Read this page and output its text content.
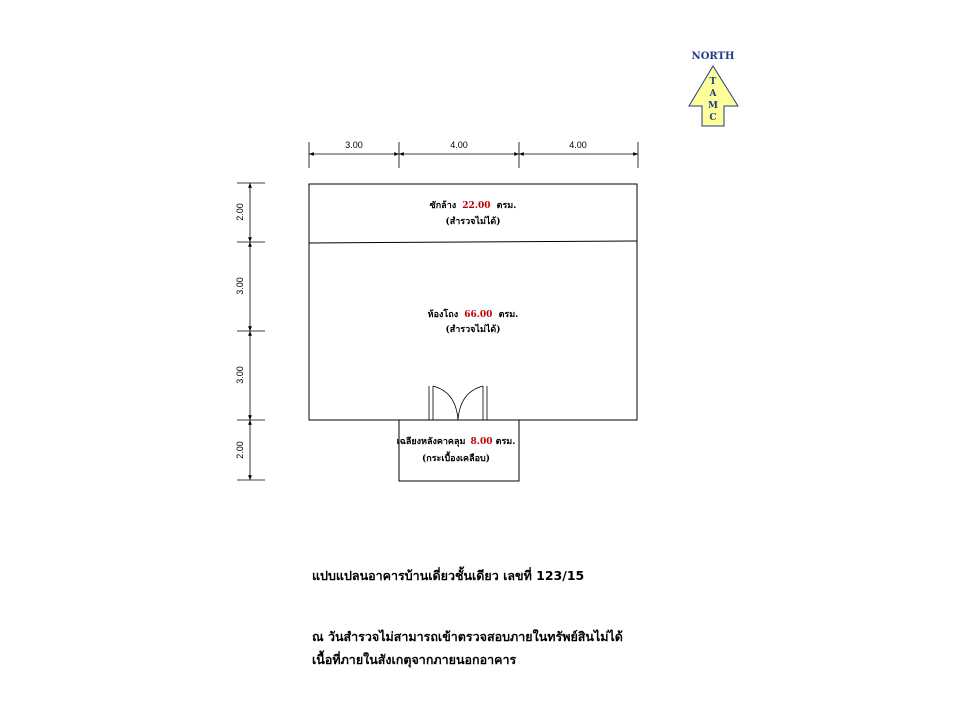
NORTH
T
A
M
C
3.00	4.00	4.00
2.00
3.00
3.00
2.00
ซักล้าง 22.00 ตรม.
(สำรวจไม่ได้)
ห้องโถง 66.00 ตรม.
(สำรวจไม่ได้)
เฉลียงหลังคาคลุม 8.00 ตรม.
(กระเบื้องเคลือบ)
แปบแปลนอาคารบ้านเดี่ยวชั้นเดียว เลขที่ 123/15
ณ วันสำรวจไม่สามารถเข้าตรวจสอบภายในทรัพย์สินไม่ได้
เนื้อที่ภายในสังเกตุจากภายนอกอาคาร
